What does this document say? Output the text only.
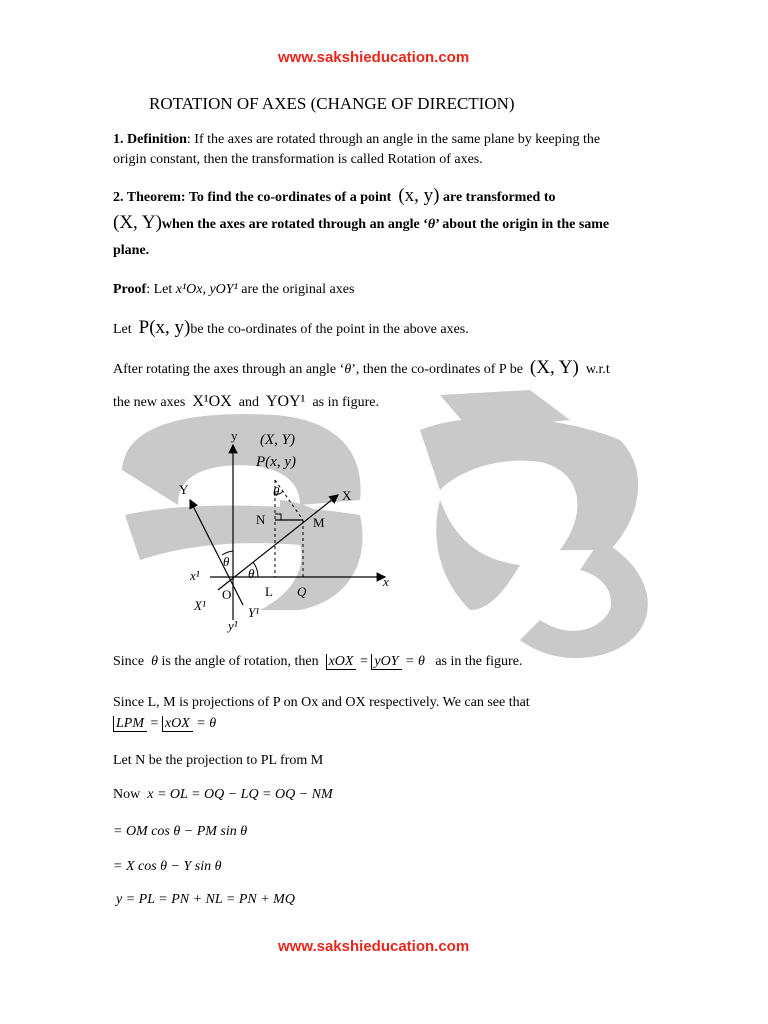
www.sakshieducation.com
ROTATION OF AXES (CHANGE OF DIRECTION)
1. Definition: If the axes are rotated through an angle in the same plane by keeping the
origin constant, then the transformation is called Rotation of axes.
2. Theorem: To find the co-ordinates of a point (x, y) are transformed to
(X, Y)when the axes are rotated through an angle ‘θ’ about the origin in the same
plane.
Proof: Let x¹Ox, yOY¹ are the original axes
Let P(x, y)be the co-ordinates of the point in the above axes.
After rotating the axes through an angle ‘θ’, then the co-ordinates of P be (X, Y) w.r.t
the new axes X¹OX and YOY¹ as in figure.
y (X, Y)
P(x, y)
Y	X
N	M
θ
θ
θ
x¹	x
O	L Q
X¹	Y¹
y¹
Since θ is the angle of rotation, then xOX = yOY = θ as in the figure.
Since L, M is projections of P on Ox and OX respectively. We can see that
LPM = xOX = θ
Let N be the projection to PL from M
Now x = OL = OQ − LQ = OQ − NM
= OM cos θ − PM sin θ
= X cos θ − Y sin θ
y = PL = PN + NL = PN + MQ
www.sakshieducation.com
